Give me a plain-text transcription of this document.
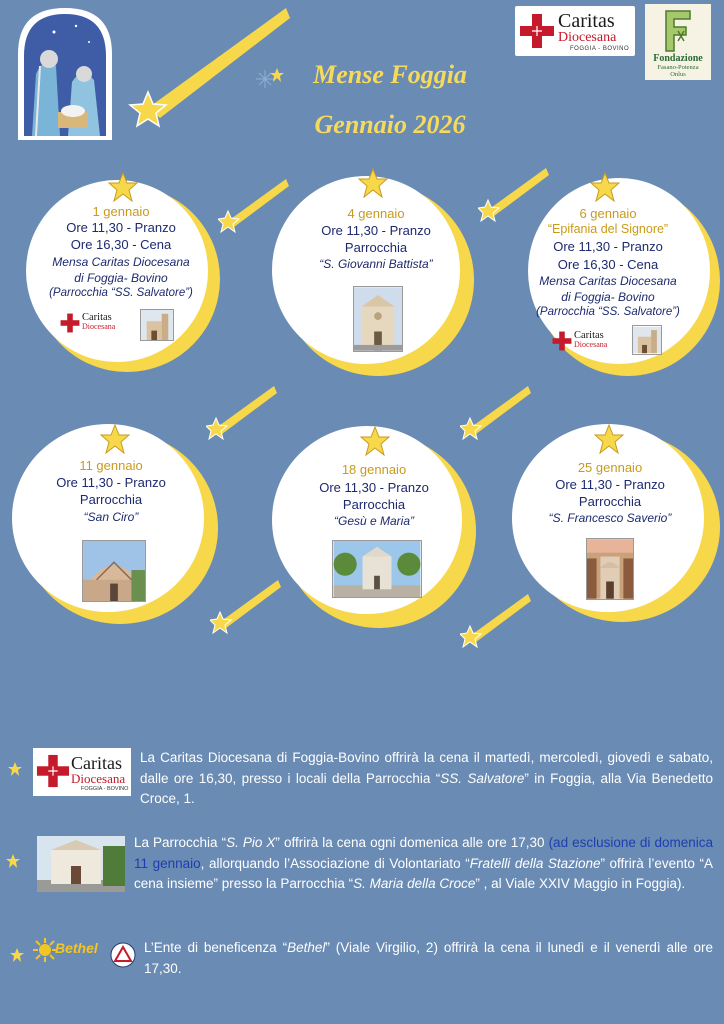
Caritas
Diocesana
FOGGIA - BOVINO
Fondazione
Fasano-Potenza
Onlus
Mense Foggia
Gennaio 2026
1 gennaio
Ore 11,30 - Pranzo
Ore 16,30 - Cena
Mensa Caritas Diocesana
di Foggia- Bovino
(Parrocchia “SS. Salvatore”)
Caritas
Diocesana
4 gennaio
Ore 11,30 - Pranzo
Parrocchia
“S. Giovanni Battista”
6 gennaio
“Epifania del Signore”
Ore 11,30 - Pranzo
Ore 16,30 - Cena
Mensa Caritas Diocesana
di Foggia- Bovino
(Parrocchia “SS. Salvatore”)
Caritas
Diocesana
11 gennaio
Ore 11,30 - Pranzo
Parrocchia
“San Ciro”
18 gennaio
Ore 11,30 - Pranzo
Parrocchia
“Gesù e Maria”
25 gennaio
Ore 11,30 - Pranzo
Parrocchia
“S. Francesco Saverio”
Caritas
Diocesana
FOGGIA - BOVINO
La Caritas Diocesana di Foggia-Bovino offrirà la cena il martedì, mercoledì, giovedì e sabato, dalle ore 16,30, presso i locali della Parrocchia “SS. Salvatore” in Foggia, alla Via Benedetto Croce, 1.
La Parrocchia “S. Pio X” offrirà la cena ogni domenica alle ore 17,30 (ad esclusione di domenica 11 gennaio, allorquando l’Associazione di Volontariato “Fratelli della Stazione” offrirà l’evento “A cena insieme” presso la Parrocchia “S. Maria della Croce” , al Viale XXIV Maggio in Foggia).
Bethel	L’Ente di beneficenza “Bethel” (Viale Virgilio, 2) offrirà la cena il lunedì e il venerdì alle ore 17,30.
